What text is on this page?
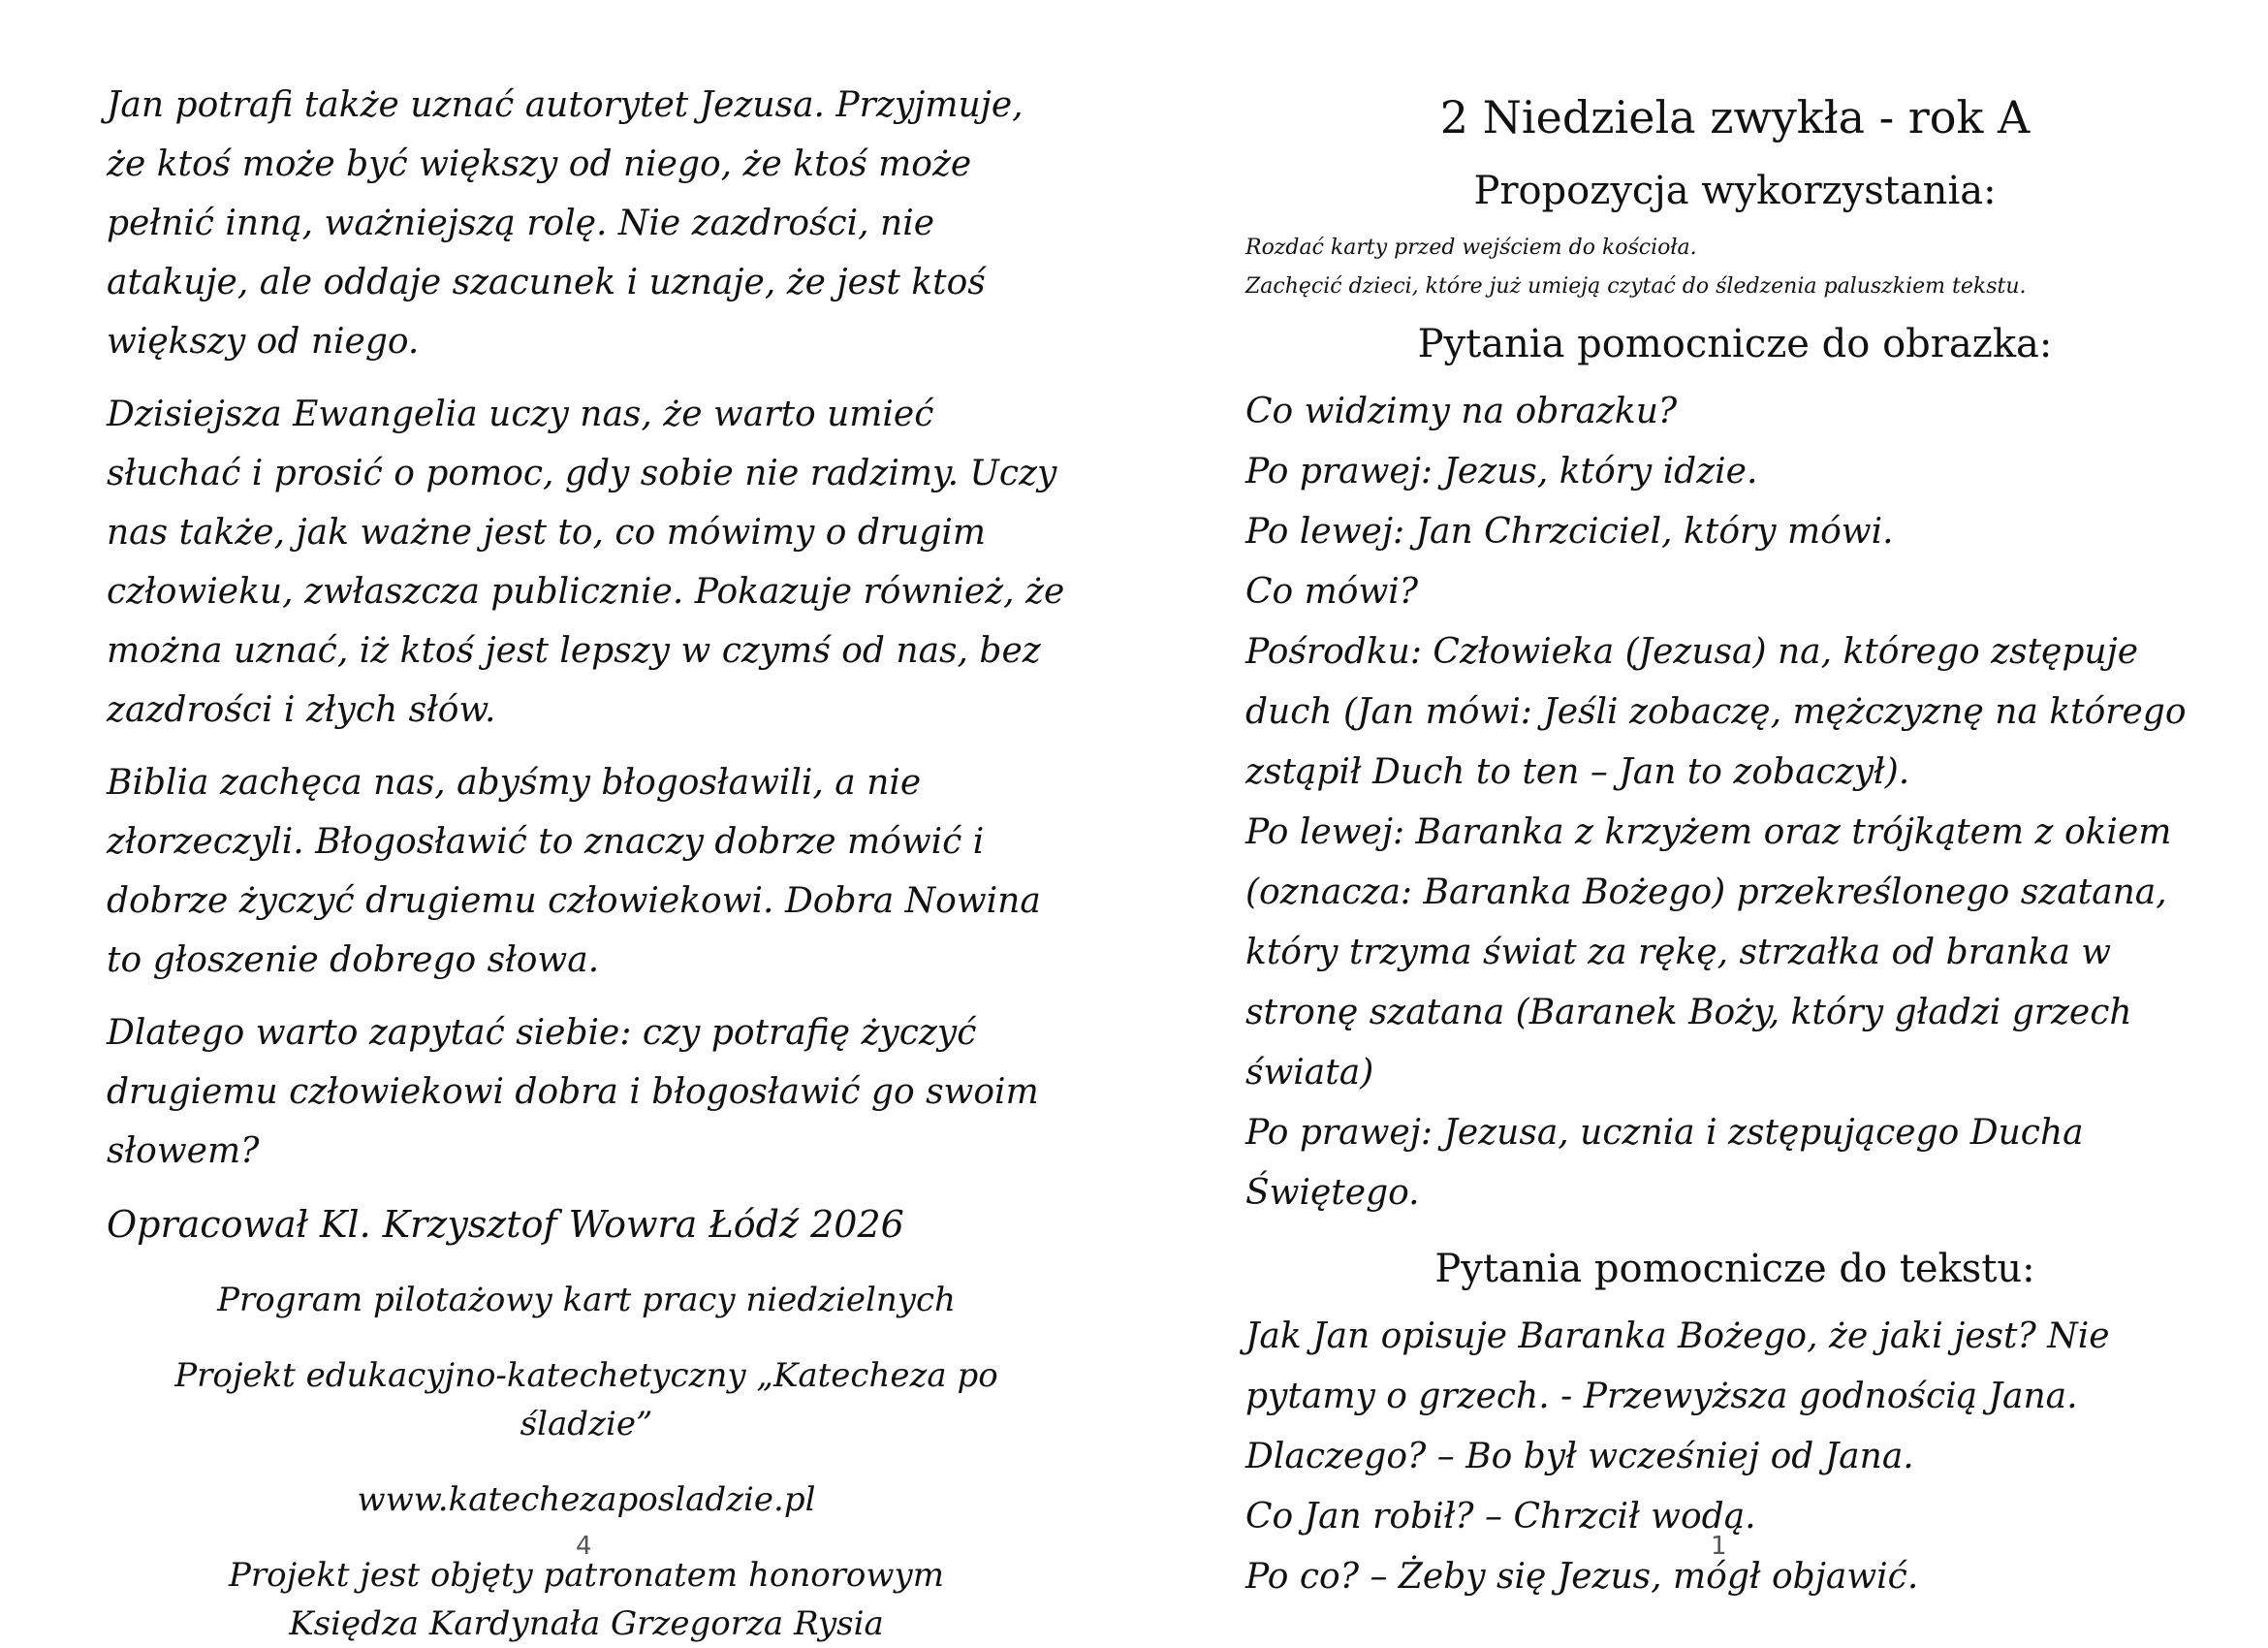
Jan potrafi także uznać autorytet Jezusa. Przyjmuje, że ktoś może być większy od niego, że ktoś może pełnić inną, ważniejszą rolę. Nie zazdrości, nie atakuje, ale oddaje szacunek i uznaje, że jest ktoś większy od niego.

Dzisiejsza Ewangelia uczy nas, że warto umieć słuchać i prosić o pomoc, gdy sobie nie radzimy. Uczy nas także, jak ważne jest to, co mówimy o drugim człowieku, zwłaszcza publicznie. Pokazuje również, że można uznać, iż ktoś jest lepszy w czymś od nas, bez zazdrości i złych słów.

Biblia zachęca nas, abyśmy błogosławili, a nie złorzeczyli. Błogosławić to znaczy dobrze mówić i dobrze życzyć drugiemu człowiekowi. Dobra Nowina to głoszenie dobrego słowa.

Dlatego warto zapytać siebie: czy potrafię życzyć drugiemu człowiekowi dobra i błogosławić go swoim słowem?

Opracował Kl. Krzysztof Wowra Łódź 2026
Program pilotażowy kart pracy niedzielnych
Projekt edukacyjno-katechetyczny „Katecheza po śladzie”
www.katechezaposladzie.pl
Projekt jest objęty patronatem honorowym
Księdza Kardynała Grzegorza Rysia
4
2 Niedziela zwykła - rok A
Propozycja wykorzystania:
Rozdać karty przed wejściem do kościoła.
Zachęcić dzieci, które już umieją czytać do śledzenia paluszkiem tekstu.
Pytania pomocnicze do obrazka:
Co widzimy na obrazku?
Po prawej: Jezus, który idzie.
Po lewej: Jan Chrzciciel, który mówi.
Co mówi?
Pośrodku: Człowieka (Jezusa) na, którego zstępuje duch (Jan mówi: Jeśli zobaczę, mężczyznę na którego zstąpił Duch to ten – Jan to zobaczył).
Po lewej: Baranka z krzyżem oraz trójkątem z okiem (oznacza: Baranka Bożego) przekreślonego szatana, który trzyma świat za rękę, strzałka od branka w stronę szatana (Baranek Boży, który gładzi grzech świata)
Po prawej: Jezusa, ucznia i zstępującego Ducha Świętego.
Pytania pomocnicze do tekstu:
Jak Jan opisuje Baranka Bożego, że jaki jest? Nie pytamy o grzech. - Przewyższa godnością Jana.
Dlaczego? – Bo był wcześniej od Jana.
Co Jan robił? – Chrzcił wodą.
Po co? – Żeby się Jezus, mógł objawić.
1
